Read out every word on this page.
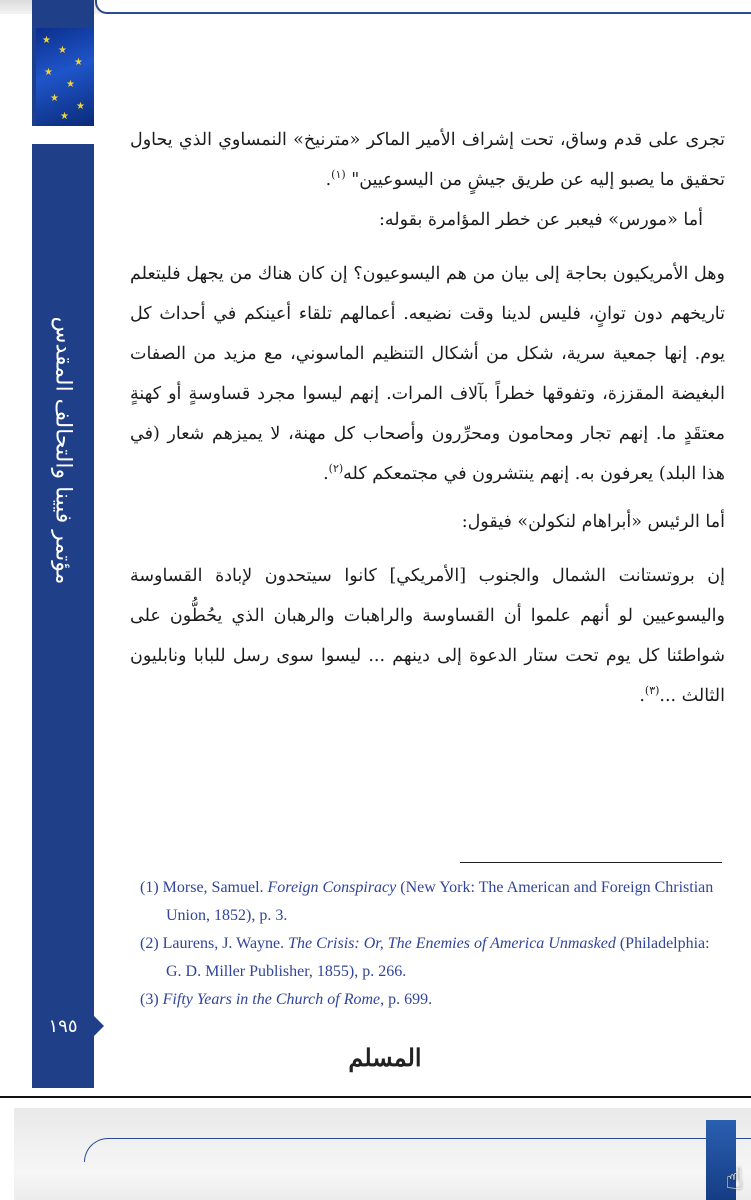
★
★
★
★
★
★
★
★
مؤتمر فيينا والتحالف المقدس
١٩٥

تجرى على قدم وساق، تحت إشراف الأمير الماكر «مترنيخ» النمساوي الذي يحاول تحقيق ما يصبو إليه عن طريق جيشٍ من اليسوعيين" $^{(١)}$.

أما «مورس» فيعبر عن خطر المؤامرة بقوله:

وهل الأمريكيون بحاجة إلى بيان من هم اليسوعيون؟ إن كان هناك من يجهل فليتعلم تاريخهم دون توانٍ، فليس لدينا وقت نضيعه. أعمالهم تلقاء أعينكم في أحداث كل يوم. إنها جمعية سرية، شكل من أشكال التنظيم الماسوني، مع مزيد من الصفات البغيضة المقززة، وتفوقها خطراً بآلاف المرات. إنهم ليسوا مجرد قساوسةٍ أو كهنةٍ معتقَدٍ ما. إنهم تجار ومحامون ومحرِّرون وأصحاب كل مهنة، لا يميزهم شعار (في هذا البلد) يعرفون به. إنهم ينتشرون في مجتمعكم كله$^{(٢)}$.

أما الرئيس «أبراهام لنكولن» فيقول:

إن بروتستانت الشمال والجنوب [الأمريكي] كانوا سيتحدون لإبادة القساوسة واليسوعيين لو أنهم علموا أن القساوسة والراهبات والرهبان الذي يحُطُّون على شواطئنا كل يوم تحت ستار الدعوة إلى دينهم ... ليسوا سوى رسل للبابا ونابليون الثالث ...$^{(٣)}$.

(1) Morse, Samuel. Foreign Conspiracy (New York: The American and Foreign Christian Union, 1852), p. 3.

(2) Laurens, J. Wayne. The Crisis: Or, The Enemies of America Unmasked (Philadelphia: G. D. Miller Publisher, 1855), p. 266.

(3) Fifty Years in the Church of Rome, p. 699.

المسلم
☝
